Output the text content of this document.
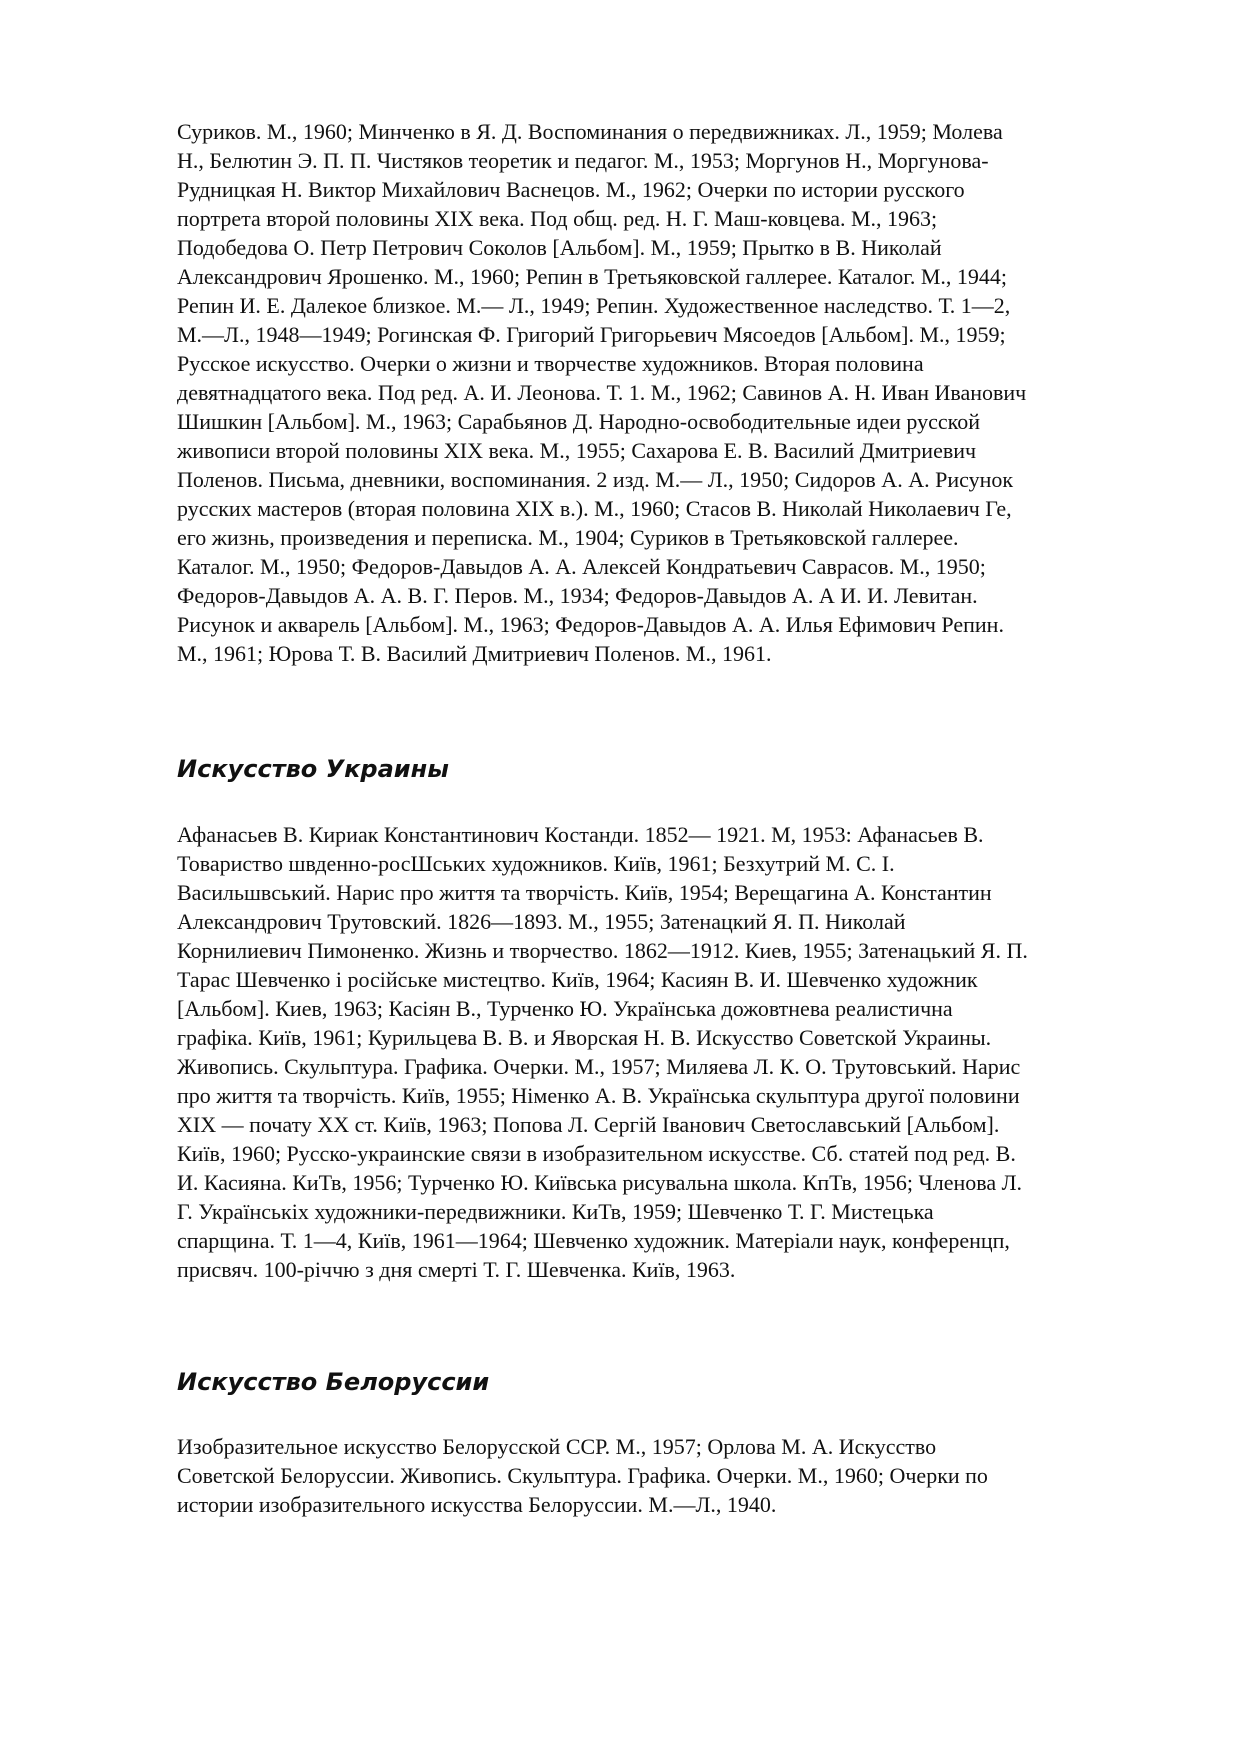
Суриков. М., 1960; Минченко в Я. Д. Воспоминания о передвижниках. Л., 1959; Молева
Н., Белютин Э. П. П. Чистяков теоретик и педагог. М., 1953; Моргунов Н., Моргунова-
Рудницкая Н. Виктор Михайлович Васнецов. М., 1962; Очерки по истории русского
портрета второй половины XIX века. Под общ. ред. Н. Г. Маш-ковцева. М., 1963;
Подобедова О. Петр Петрович Соколов [Альбом]. М., 1959; Прытко в В. Николай
Александрович Ярошенко. М., 1960; Репин в Третьяковской галлерее. Каталог. М., 1944;
Репин И. Е. Далекое близкое. М.— Л., 1949; Репин. Художественное наследство. Т. 1—2,
М.—Л., 1948—1949; Рогинская Ф. Григорий Григорьевич Мясоедов [Альбом]. М., 1959;
Русское искусство. Очерки о жизни и творчестве художников. Вторая половина
девятнадцатого века. Под ред. А. И. Леонова. Т. 1. М., 1962; Савинов А. Н. Иван Иванович
Шишкин [Альбом]. М., 1963; Сарабьянов Д. Народно-освободительные идеи русской
живописи второй половины XIX века. М., 1955; Сахарова Е. В. Василий Дмитриевич
Поленов. Письма, дневники, воспоминания. 2 изд. М.— Л., 1950; Сидоров А. А. Рисунок
русских мастеров (вторая половина XIX в.). М., 1960; Стасов В. Николай Николаевич Ге,
его жизнь, произведения и переписка. М., 1904; Суриков в Третьяковской галлерее.
Каталог. М., 1950; Федоров-Давыдов А. А. Алексей Кондратьевич Саврасов. М., 1950;
Федоров-Давыдов А. А. В. Г. Перов. М., 1934; Федоров-Давыдов А. А И. И. Левитан.
Рисунок и акварель [Альбом]. М., 1963; Федоров-Давыдов А. А. Илья Ефимович Репин.
М., 1961; Юрова Т. В. Василий Дмитриевич Поленов. М., 1961.
Искусство Украины
Афанасьев В. Кириак Константинович Костанди. 1852— 1921. М, 1953: Афанасьев В.
Товариство швденно-росШських художников. Київ, 1961; Безхутрий М. С. I.
Васильшвський. Нарис про життя та творчість. Київ, 1954; Верещагина А. Константин
Александрович Трутовский. 1826—1893. М., 1955; Затенацкий Я. П. Николай
Корнилиевич Пимоненко. Жизнь и творчество. 1862—1912. Киев, 1955; Затенацький Я. П.
Тарас Шевченко і російське мистецтво. Київ, 1964; Касиян В. И. Шевченко художник
[Альбом]. Киев, 1963; Касіян В., Турченко Ю. Українська дожовтнева реалистична
графіка. Київ, 1961; Курильцева В. В. и Яворская Н. В. Искусство Советской Украины.
Живопись. Скульптура. Графика. Очерки. М., 1957; Миляева Л. К. О. Трутовський. Нарис
про життя та творчість. Київ, 1955; Німенко А. В. Українська скульптура другої половини
XIX — почату XX ст. Київ, 1963; Попова Л. Сергій Іванович Светославський [Альбом].
Київ, 1960; Русско-украинские связи в изобразительном искусстве. Сб. статей под ред. В.
И. Касияна. КиТв, 1956; Турченко Ю. Київська рисувальна школа. КпТв, 1956; Членова Л.
Г. Українськіх художники-передвижники. КиТв, 1959; Шевченко Т. Г. Мистецька
спарщина. Т. 1—4, Київ, 1961—1964; Шевченко художник. Матеріали наук, конференцп,
присвяч. 100-річчю з дня смерті Т. Г. Шевченка. Київ, 1963.
Искусство Белоруссии
Изобразительное искусство Белорусской ССР. М., 1957; Орлова М. А. Искусство
Советской Белоруссии. Живопись. Скульптура. Графика. Очерки. М., 1960; Очерки по
истории изобразительного искусства Белоруссии. М.—Л., 1940.
